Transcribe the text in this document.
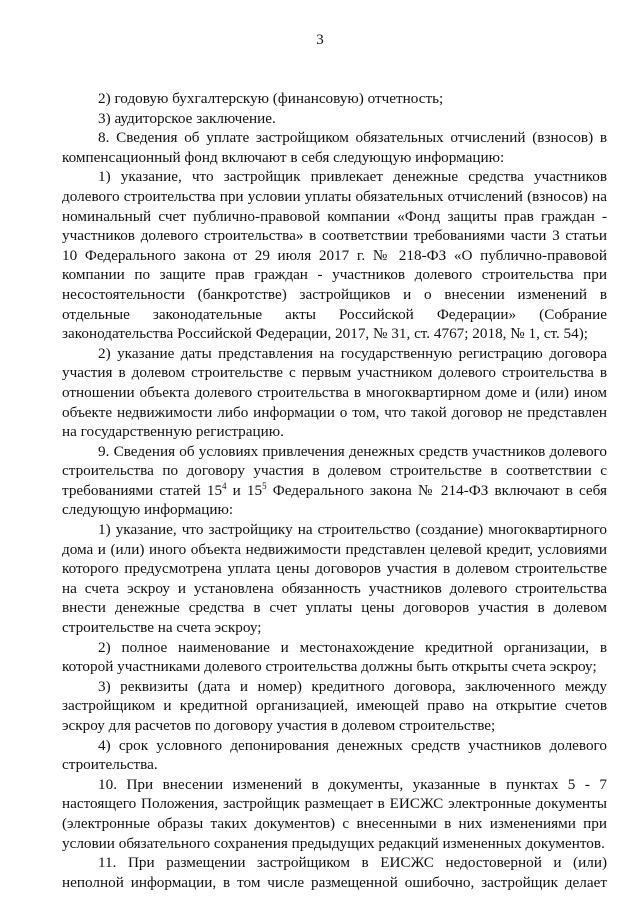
3

2) годовую бухгалтерскую (финансовую) отчетность;

3) аудиторское заключение.

8. Сведения об уплате застройщиком обязательных отчислений (взносов) в компенсационный фонд включают в себя следующую информацию:

1) указание, что застройщик привлекает денежные средства участников долевого строительства при условии уплаты обязательных отчислений (взносов) на номинальный счет публично-правовой компании «Фонд защиты прав граждан - участников долевого строительства» в соответствии требованиями части 3 статьи 10 Федерального закона от 29 июля 2017 г. № 218-ФЗ «О публично-правовой компании по защите прав граждан - участников долевого строительства при несостоятельности (банкротстве) застройщиков и о внесении изменений в отдельные законодательные акты Российской Федерации» (Собрание законодательства Российской Федерации, 2017, № 31, ст. 4767; 2018, № 1, ст. 54);

2) указание даты представления на государственную регистрацию договора участия в долевом строительстве с первым участником долевого строительства в отношении объекта долевого строительства в многоквартирном доме и (или) ином объекте недвижимости либо информации о том, что такой договор не представлен на государственную регистрацию.

9. Сведения об условиях привлечения денежных средств участников долевого строительства по договору участия в долевом строительстве в соответствии с требованиями статей $15^4$ и $15^5$ Федерального закона № 214-ФЗ включают в себя следующую информацию:

1) указание, что застройщику на строительство (создание) многоквартирного дома и (или) иного объекта недвижимости представлен целевой кредит, условиями которого предусмотрена уплата цены договоров участия в долевом строительстве на счета эскроу и установлена обязанность участников долевого строительства внести денежные средства в счет уплаты цены договоров участия в долевом строительстве на счета эскроу;

2) полное наименование и местонахождение кредитной организации, в которой участниками долевого строительства должны быть открыты счета эскроу;

3) реквизиты (дата и номер) кредитного договора, заключенного между застройщиком и кредитной организацией, имеющей право на открытие счетов эскроу для расчетов по договору участия в долевом строительстве;

4) срок условного депонирования денежных средств участников долевого строительства.

10. При внесении изменений в документы, указанные в пунктах 5 - 7 настоящего Положения, застройщик размещает в ЕИСЖС электронные документы (электронные образы таких документов) с внесенными в них изменениями при условии обязательного сохранения предыдущих редакций измененных документов.

11. При размещении застройщиком в ЕИСЖС недостоверной и (или) неполной информации, в том числе размещенной ошибочно, застройщик делает
